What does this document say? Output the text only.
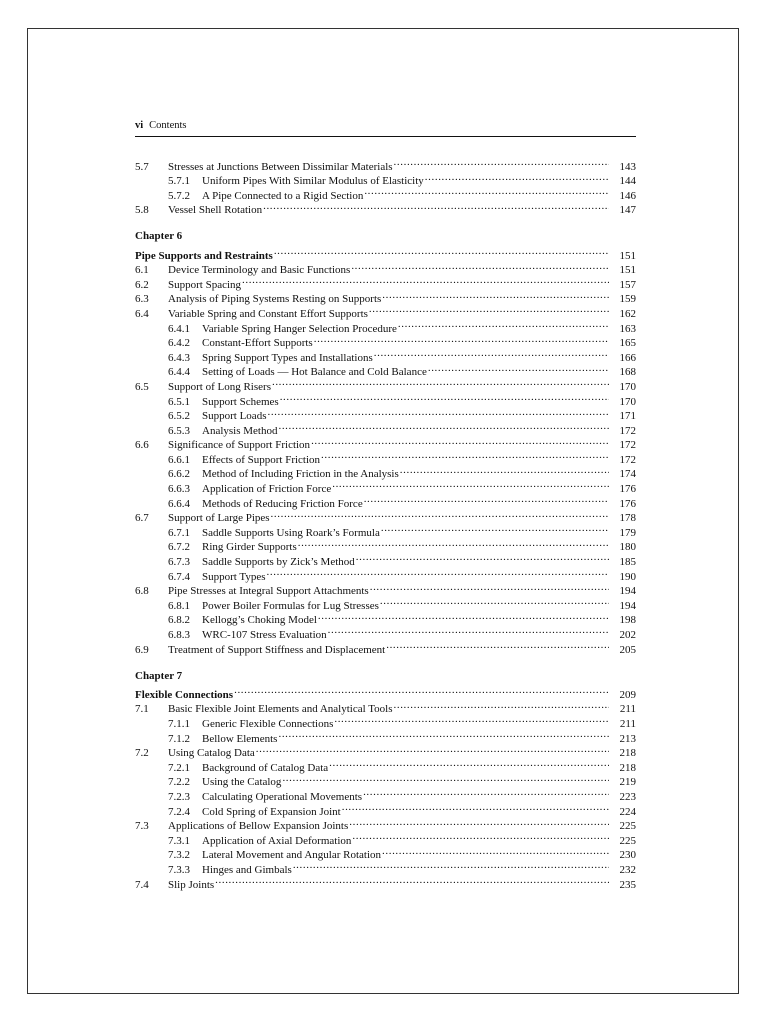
vi Contents
5.7	Stresses at Junctions Between Dissimilar Materials .....	143
5.7.1	Uniform Pipes With Similar Modulus of Elasticity .....	144
5.7.2	A Pipe Connected to a Rigid Section .....	146
5.8	Vessel Shell Rotation .....	147
Chapter 6
Pipe Supports and Restraints .....	151
6.1	Device Terminology and Basic Functions .....	151
6.2	Support Spacing .....	157
6.3	Analysis of Piping Systems Resting on Supports .....	159
6.4	Variable Spring and Constant Effort Supports .....	162
6.4.1	Variable Spring Hanger Selection Procedure .....	163
6.4.2	Constant-Effort Supports .....	165
6.4.3	Spring Support Types and Installations .....	166
6.4.4	Setting of Loads — Hot Balance and Cold Balance .....	168
6.5	Support of Long Risers .....	170
6.5.1	Support Schemes .....	170
6.5.2	Support Loads .....	171
6.5.3	Analysis Method .....	172
6.6	Significance of Support Friction .....	172
6.6.1	Effects of Support Friction .....	172
6.6.2	Method of Including Friction in the Analysis .....	174
6.6.3	Application of Friction Force .....	176
6.6.4	Methods of Reducing Friction Force .....	176
6.7	Support of Large Pipes .....	178
6.7.1	Saddle Supports Using Roark’s Formula .....	179
6.7.2	Ring Girder Supports .....	180
6.7.3	Saddle Supports by Zick’s Method .....	185
6.7.4	Support Types .....	190
6.8	Pipe Stresses at Integral Support Attachments .....	194
6.8.1	Power Boiler Formulas for Lug Stresses .....	194
6.8.2	Kellogg’s Choking Model .....	198
6.8.3	WRC-107 Stress Evaluation .....	202
6.9	Treatment of Support Stiffness and Displacement .....	205
Chapter 7
Flexible Connections .....	209
7.1	Basic Flexible Joint Elements and Analytical Tools .....	211
7.1.1	Generic Flexible Connections .....	211
7.1.2	Bellow Elements .....	213
7.2	Using Catalog Data .....	218
7.2.1	Background of Catalog Data .....	218
7.2.2	Using the Catalog .....	219
7.2.3	Calculating Operational Movements .....	223
7.2.4	Cold Spring of Expansion Joint .....	224
7.3	Applications of Bellow Expansion Joints .....	225
7.3.1	Application of Axial Deformation .....	225
7.3.2	Lateral Movement and Angular Rotation .....	230
7.3.3	Hinges and Gimbals .....	232
7.4	Slip Joints .....	235
